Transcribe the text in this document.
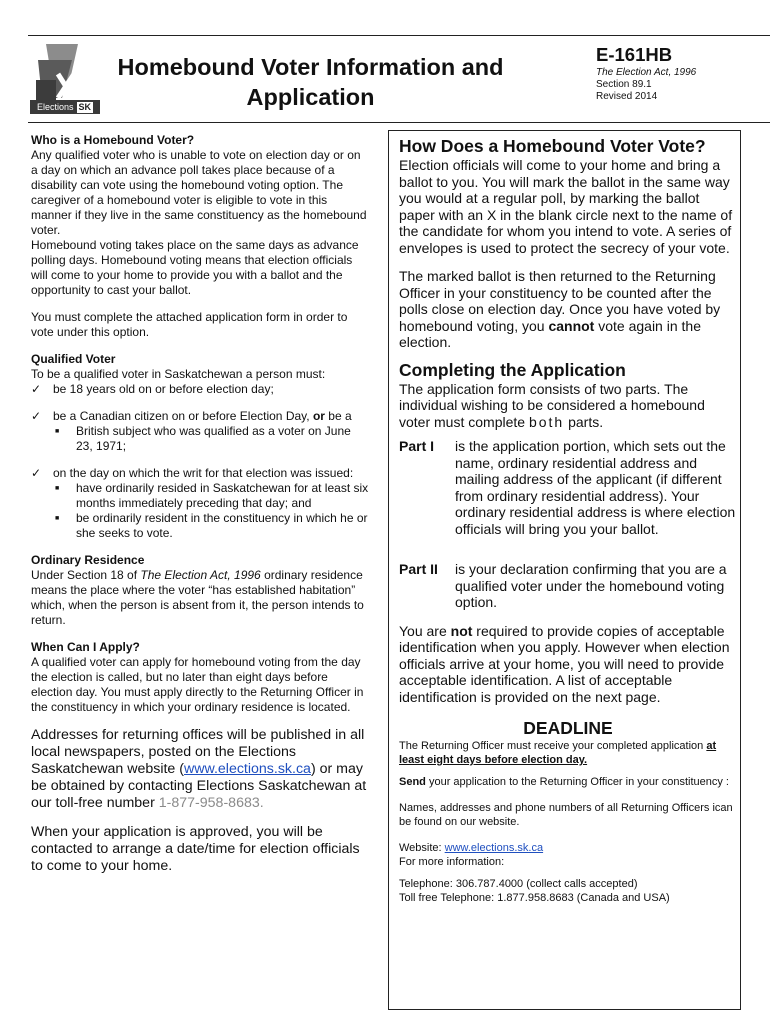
Elections SK
Homebound Voter Information and
Application
E-161HB
The Election Act, 1996
Section 89.1
Revised 2014

Who is a Homebound Voter?

Any qualified voter who is unable to vote on election day or on a day on which an advance poll takes place because of a disability can vote using the homebound voting option. The caregiver of a homebound voter is eligible to vote in this manner if they live in the same constituency as the homebound voter.

Homebound voting takes place on the same days as advance polling days. Homebound voting means that election officials will come to your home to provide you with a ballot and the opportunity to cast your ballot.

You must complete the attached application form in order to vote under this option.

Qualified Voter

To be a qualified voter in Saskatchewan a person must:

✓ be 18 years old on or before election day;
✓ be a Canadian citizen on or before Election Day, or be a
■	British subject who was qualified as a voter on June 23, 1971;
✓ on the day on which the writ for that election was issued:
■	have ordinarily resided in Saskatchewan for at least six months immediately preceding that day; and
■	be ordinarily resident in the constituency in which he or she seeks to vote.

Ordinary Residence

Under Section 18 of The Election Act, 1996 ordinary residence means the place where the voter “has established habitation” which, when the person is absent from it, the person intends to return.

When Can I Apply?

A qualified voter can apply for homebound voting from the day the election is called, but no later than eight days before election day. You must apply directly to the Returning Officer in the constituency in which your ordinary residence is located.

Addresses for returning offices will be published in all local newspapers, posted on the Elections Saskatchewan website (www.elections.sk.ca) or may be obtained by contacting Elections Saskatchewan at our toll-free number 1-877-958-8683.

When your application is approved, you will be contacted to arrange a date/time for election officials to come to your home.

How Does a Homebound Voter Vote?

Election officials will come to your home and bring a ballot to you. You will mark the ballot in the same way you would at a regular poll, by marking the ballot paper with an X in the blank circle next to the name of the candidate for whom you intend to vote. A series of envelopes is used to protect the secrecy of your vote.

The marked ballot is then returned to the Returning Officer in your constituency to be counted after the polls close on election day. Once you have voted by homebound voting, you cannot vote again in the election.

Completing the Application

The application form consists of two parts. The individual wishing to be considered a homebound voter must complete both parts.

Part I	is the application portion, which sets out the name, ordinary residential address and mailing address of the applicant (if different from ordinary residential address). Your ordinary residential address is where election officials will bring you your ballot.
Part II	is your declaration confirming that you are a qualified voter under the homebound voting option.

You are not required to provide copies of acceptable identification when you apply. However when election officials arrive at your home, you will need to provide acceptable identification. A list of acceptable identification is provided on the next page.

DEADLINE

The Returning Officer must receive your completed application at least eight days before election day.

Send your application to the Returning Officer in your constituency :

Names, addresses and phone numbers of all Returning Officers ican be found on our website.

Website: www.elections.sk.ca

For more information:

Telephone: 306.787.4000 (collect calls accepted)

Toll free Telephone: 1.877.958.8683 (Canada and USA)
